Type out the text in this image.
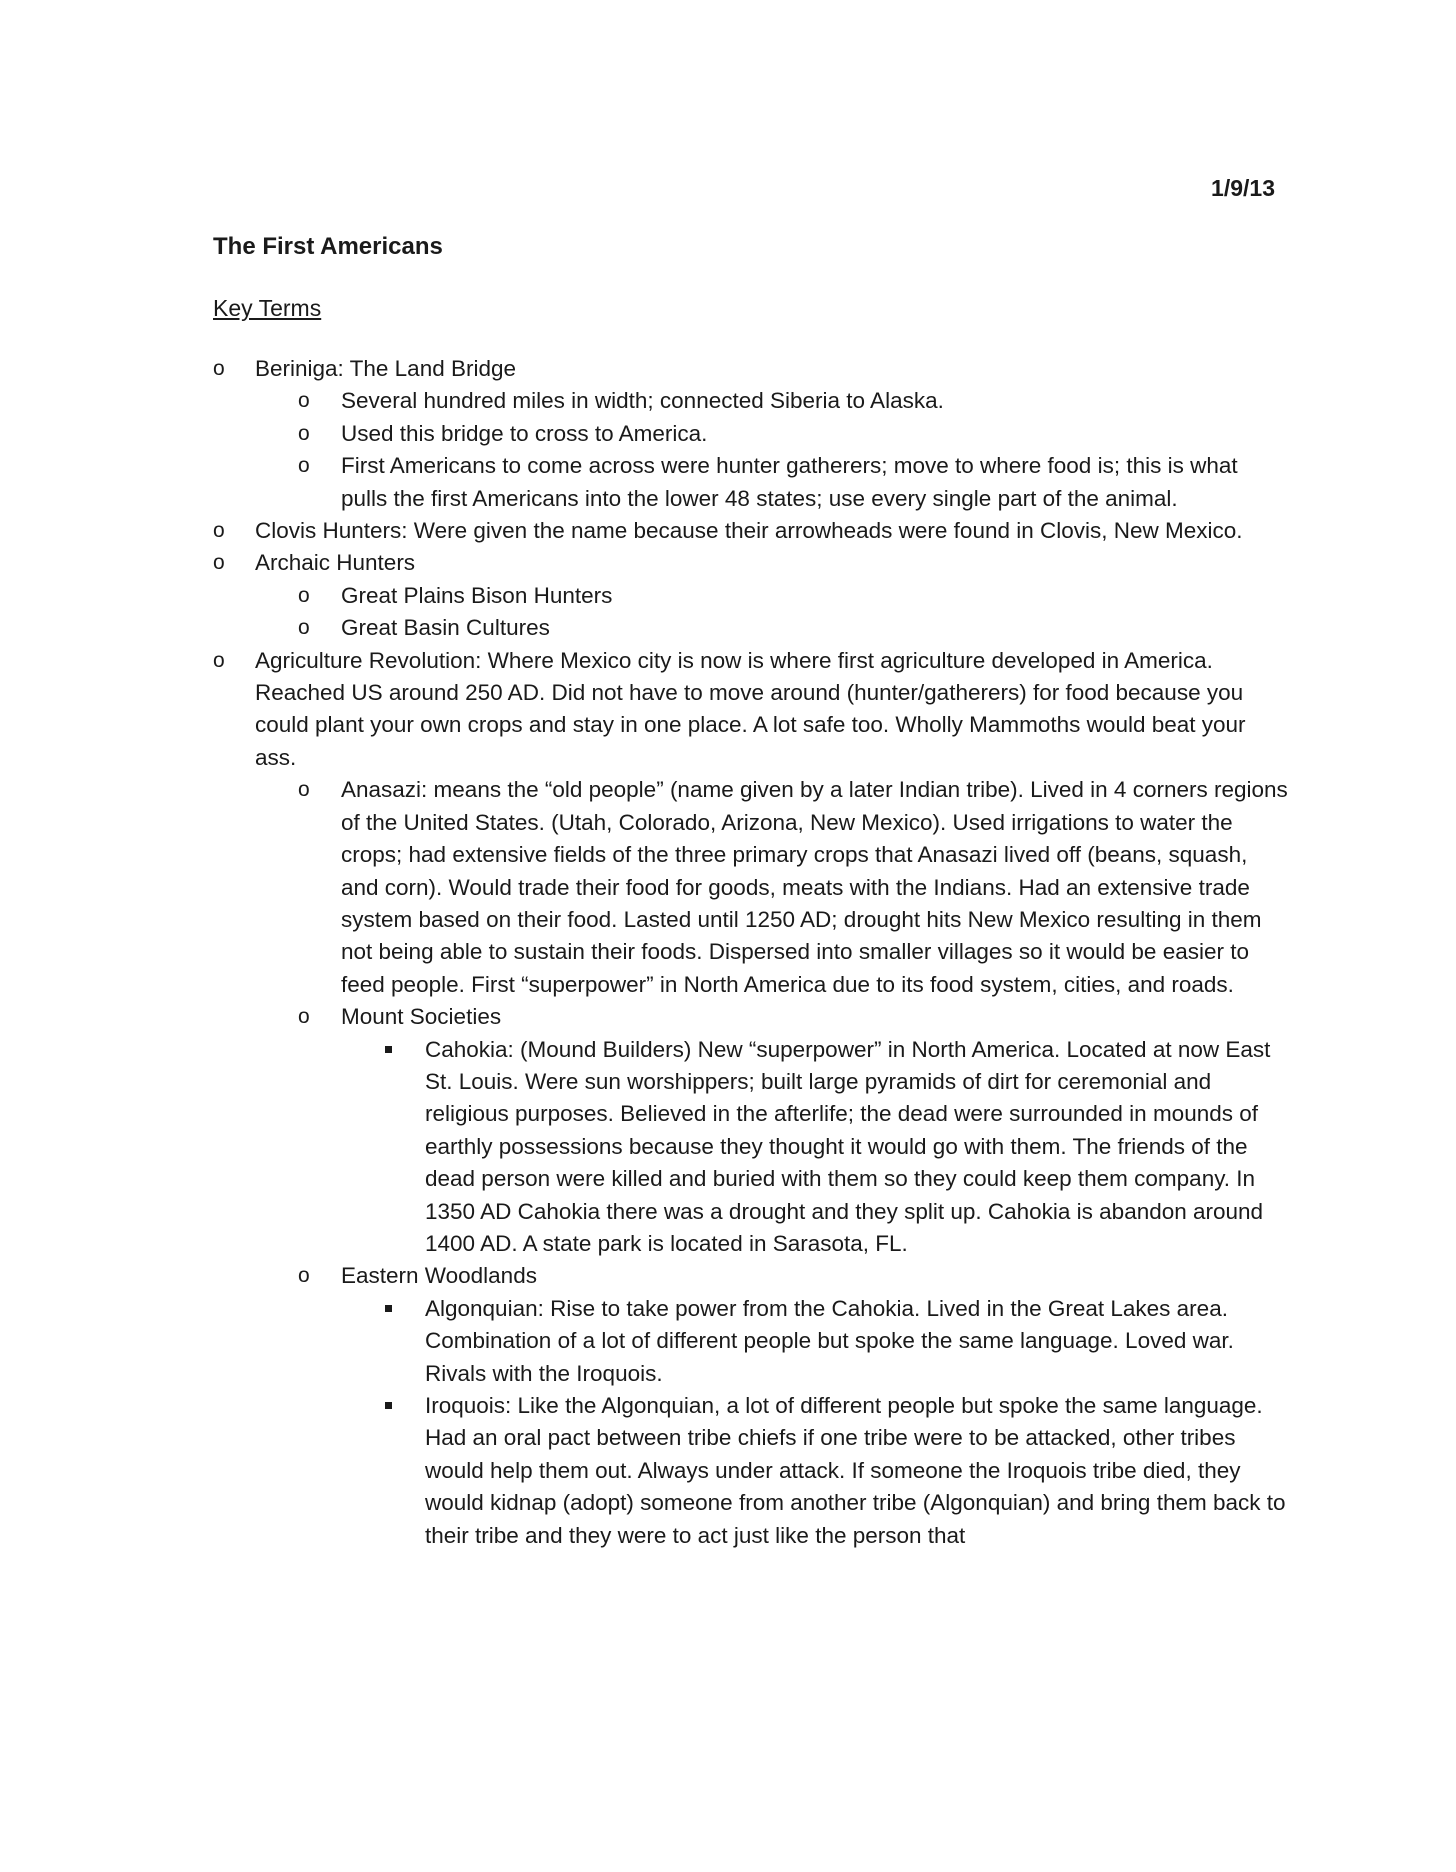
1/9/13
The First Americans
Key Terms
o Beriniga: The Land Bridge
o Several hundred miles in width; connected Siberia to Alaska.
o Used this bridge to cross to America.
o First Americans to come across were hunter gatherers; move to where food is; this is what pulls the first Americans into the lower 48 states; use every single part of the animal.
o Clovis Hunters: Were given the name because their arrowheads were found in Clovis, New Mexico.
o Archaic Hunters
o Great Plains Bison Hunters
o Great Basin Cultures
o Agriculture Revolution: Where Mexico city is now is where first agriculture developed in America. Reached US around 250 AD. Did not have to move around (hunter/gatherers) for food because you could plant your own crops and stay in one place. A lot safe too. Wholly Mammoths would beat your ass.
o Anasazi: means the “old people” (name given by a later Indian tribe). Lived in 4 corners regions of the United States. (Utah, Colorado, Arizona, New Mexico). Used irrigations to water the crops; had extensive fields of the three primary crops that Anasazi lived off (beans, squash, and corn). Would trade their food for goods, meats with the Indians. Had an extensive trade system based on their food. Lasted until 1250 AD; drought hits New Mexico resulting in them not being able to sustain their foods. Dispersed into smaller villages so it would be easier to feed people. First “superpower” in North America due to its food system, cities, and roads.
o Mount Societies
Cahokia: (Mound Builders) New “superpower” in North America. Located at now East St. Louis. Were sun worshippers; built large pyramids of dirt for ceremonial and religious purposes. Believed in the afterlife; the dead were surrounded in mounds of earthly possessions because they thought it would go with them. The friends of the dead person were killed and buried with them so they could keep them company. In 1350 AD Cahokia there was a drought and they split up. Cahokia is abandon around 1400 AD. A state park is located in Sarasota, FL.
o Eastern Woodlands
Algonquian: Rise to take power from the Cahokia. Lived in the Great Lakes area. Combination of a lot of different people but spoke the same language. Loved war. Rivals with the Iroquois.
Iroquois: Like the Algonquian, a lot of different people but spoke the same language. Had an oral pact between tribe chiefs if one tribe were to be attacked, other tribes would help them out. Always under attack. If someone the Iroquois tribe died, they would kidnap (adopt) someone from another tribe (Algonquian) and bring them back to their tribe and they were to act just like the person that
